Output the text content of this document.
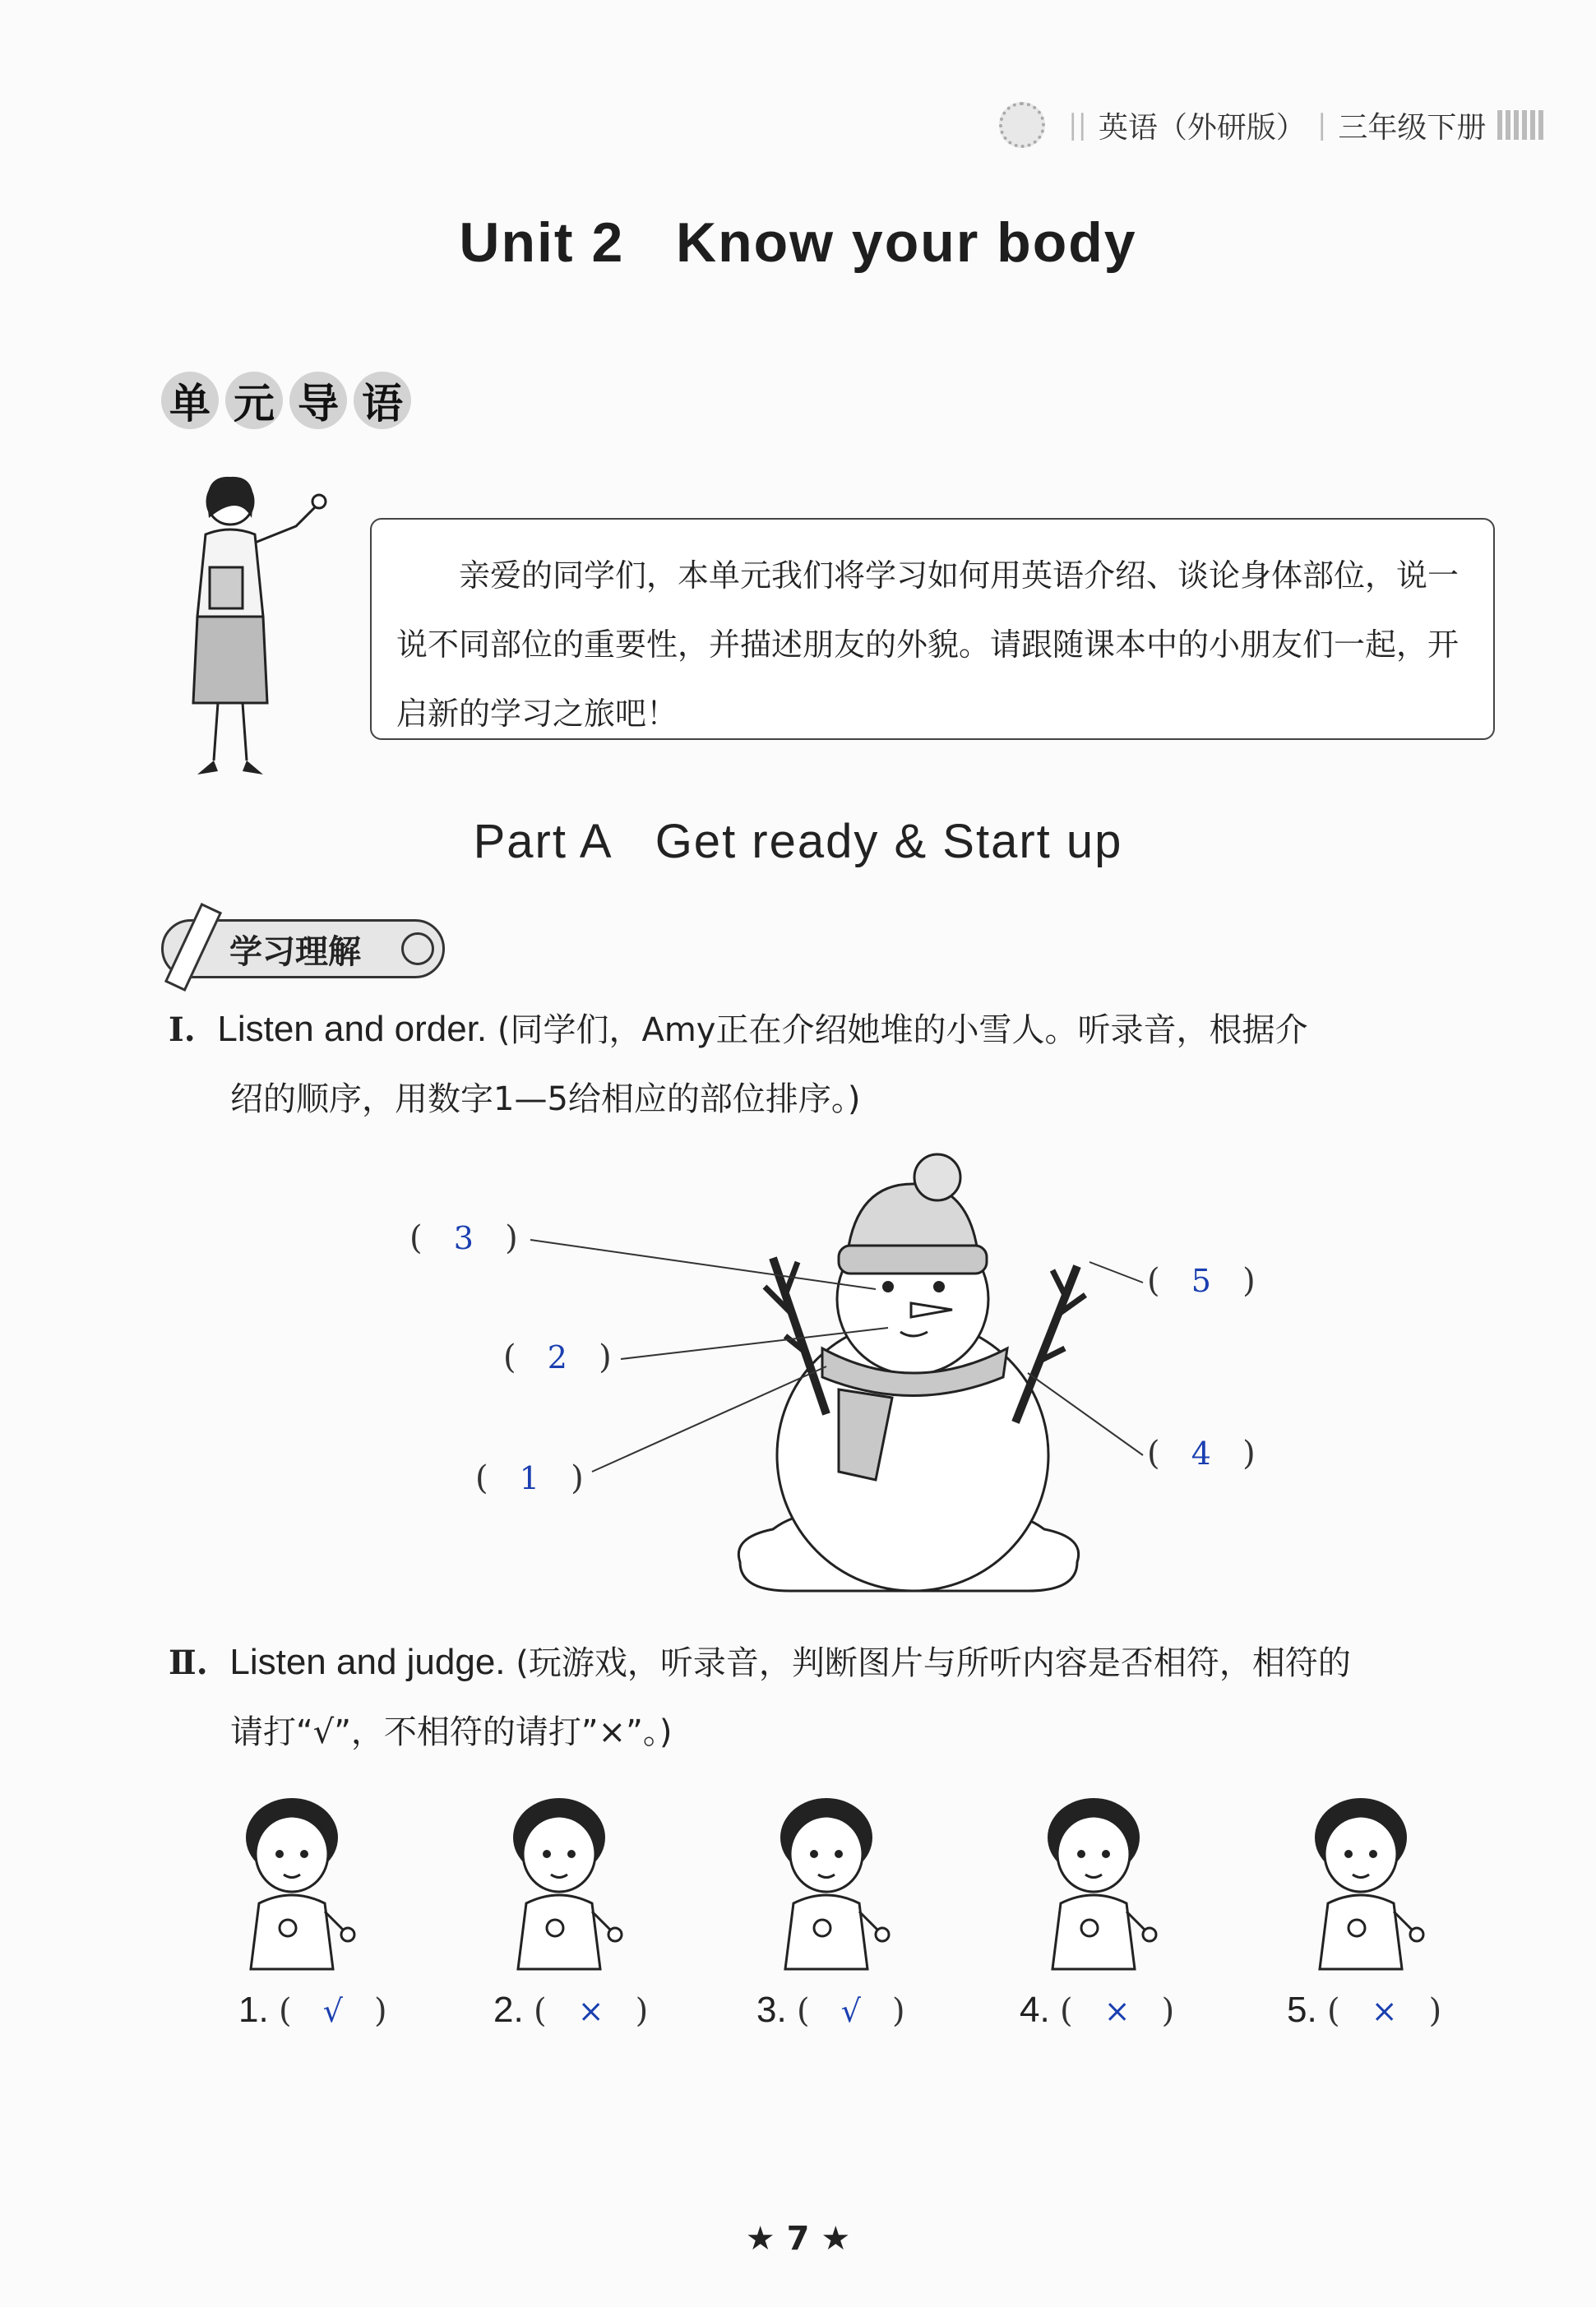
|| 英语（外研版） | 三年级下册
Unit 2   Know your body
单 元 导 语
亲爱的同学们，本单元我们将学习如何用英语介绍、谈论身体部位，说一说不同部位的重要性，并描述朋友的外貌。请跟随课本中的小朋友们一起，开启新的学习之旅吧！
Part A   Get ready & Start up
学习理解
Ⅰ. Listen and order. (同学们，Amy正在介绍她堆的小雪人。听录音，根据介
绍的顺序，用数字1—5给相应的部位排序。)
(   3   )
(   2   )
(   1   )
(   5   )
(   4   )
Ⅱ. Listen and judge. (玩游戏，听录音，判断图片与所听内容是否相符，相符的
请打“√”，不相符的请打”×”。)
1. (   √   )	2. (   ×   )	3. (   √   )	4. (   ×   )	5. (   ×   )
★ 7 ★
